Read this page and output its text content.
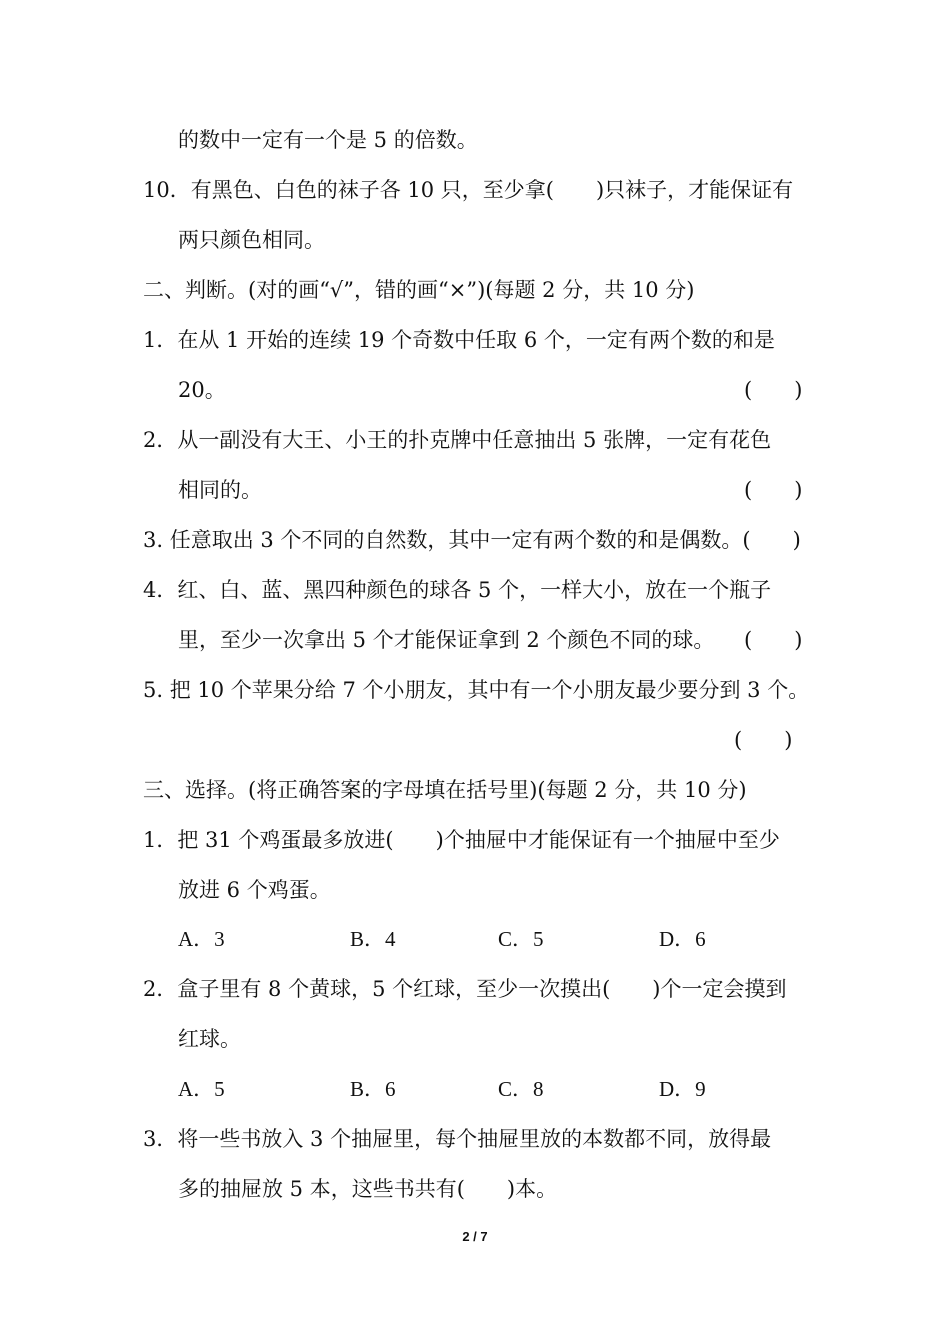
的数中一定有一个是 5 的倍数。
10．有黑色、白色的袜子各 10 只，至少拿(　　)只袜子，才能保证有
两只颜色相同。
二、判断。(对的画“√”，错的画“×”)(每题 2 分，共 10 分)
1．在从 1 开始的连续 19 个奇数中任取 6 个，一定有两个数的和是
20。	(　　)
2．从一副没有大王、小王的扑克牌中任意抽出 5 张牌，一定有花色
相同的。	(　　)
3. 任意取出 3 个不同的自然数，其中一定有两个数的和是偶数。(　　)
4．红、白、蓝、黑四种颜色的球各 5 个，一样大小，放在一个瓶子
里，至少一次拿出 5 个才能保证拿到 2 个颜色不同的球。	(　　)
5. 把 10 个苹果分给 7 个小朋友，其中有一个小朋友最少要分到 3 个。
(　　)
三、选择。(将正确答案的字母填在括号里)(每题 2 分，共 10 分)
1．把 31 个鸡蛋最多放进(　　)个抽屉中才能保证有一个抽屉中至少
放进 6 个鸡蛋。
A．3	B．4	C．5	D．6
2．盒子里有 8 个黄球，5 个红球，至少一次摸出(　　)个一定会摸到
红球。
A．5	B．6	C．8	D．9
3．将一些书放入 3 个抽屉里，每个抽屉里放的本数都不同，放得最
多的抽屉放 5 本，这些书共有(　　)本。
2 / 7
